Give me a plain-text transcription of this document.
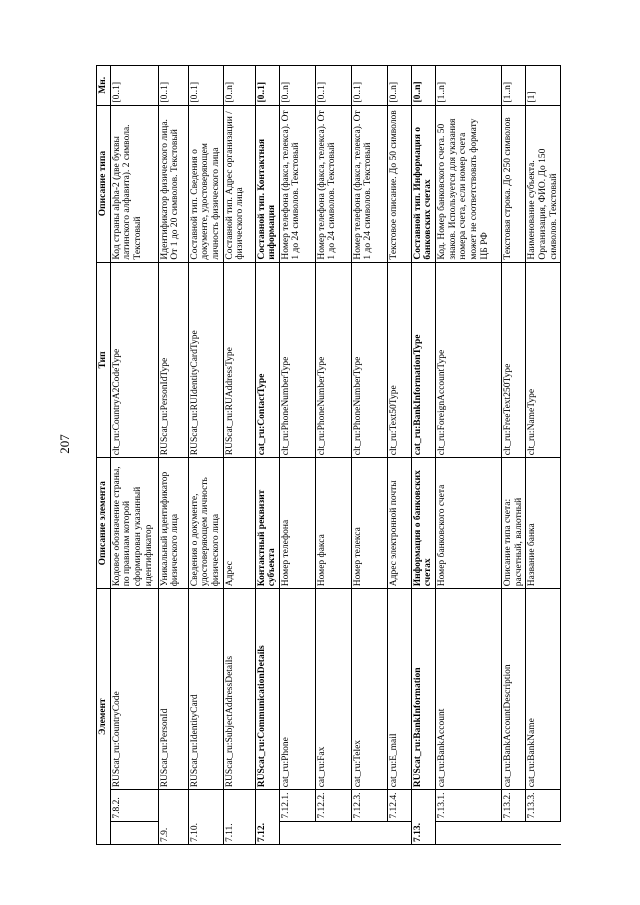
207
Элемент			Описание элемента	Тип	Описание типа	Мн.
	7.8.2.	RUScat_ru:CountryCode	Кодовое обозначение страны, по правилам которой сформирован указанный идентификатор	clt_ru:CountryA2CodeType	Код страны alpha-2 (две буквы латинского алфавита). 2 символа. Текстовый	[0..1]
7.9.		RUScat_ru:PersonId	Уникальный идентификатор физического лица	RUScat_ru:PersonIdType	Идентификатор физического лица. От 1 до 20 символов. Текстовый	[0..1]
7.10.		RUScat_ru:IdentityCard	Сведения о документе, удостоверяющем личность физического лица	RUScat_ru:RUIdentityCardType	Составной тип. Сведения о документе, удостоверяющем личность физического лица	[0..1]
7.11.		RUScat_ru:SubjectAddressDetails	Адрес	RUScat_ru:RUAddressType	Составной тип. Адрес организации / физического лица	[0..n]
7.12.		RUScat_ru:CommunicationDetails	Контактный реквизит субъекта	cat_ru:ContactType	Составной тип. Контактная информация	[0..1]
	7.12.1.	cat_ru:Phone	Номер телефона	clt_ru:PhoneNumberType	Номер телефона (факса, телекса). От 1 до 24 символов. Текстовый	[0..n]
	7.12.2.	cat_ru:Fax	Номер факса	clt_ru:PhoneNumberType	Номер телефона (факса, телекса). От 1 до 24 символов. Текстовый	[0..1]
	7.12.3.	cat_ru:Telex	Номер телекса	clt_ru:PhoneNumberType	Номер телефона (факса, телекса). От 1 до 24 символов. Текстовый	[0..1]
	7.12.4.	cat_ru:E_mail	Адрес электронной почты	clt_ru:Text50Type	Текстовое описание. До 50 символов	[0..n]
7.13.		RUScat_ru:BankInformation	Информация о банковских счетах	cat_ru:BankInformationType	Составной тип. Информация о банковских счетах	[0..n]
	7.13.1.	cat_ru:BankAccount	Номер банковского счета	clt_ru:ForeignAccountType	Код. Номер банковского счета. 50 знаков. Используется для указания номера счета, если номер счета может не соответствовать формату ЦБ РФ	[1..n]
	7.13.2.	cat_ru:BankAccountDescription	Описание типа счета: расчетный, валютный	clt_ru:FreeText250Type	Текстовая строка. До 250 символов	[1..n]
	7.13.3.	cat_ru:BankName	Название банка	clt_ru:NameType	Наименование субъекта. Организация, ФИО. До 150 символов. Текстовый	[1]
